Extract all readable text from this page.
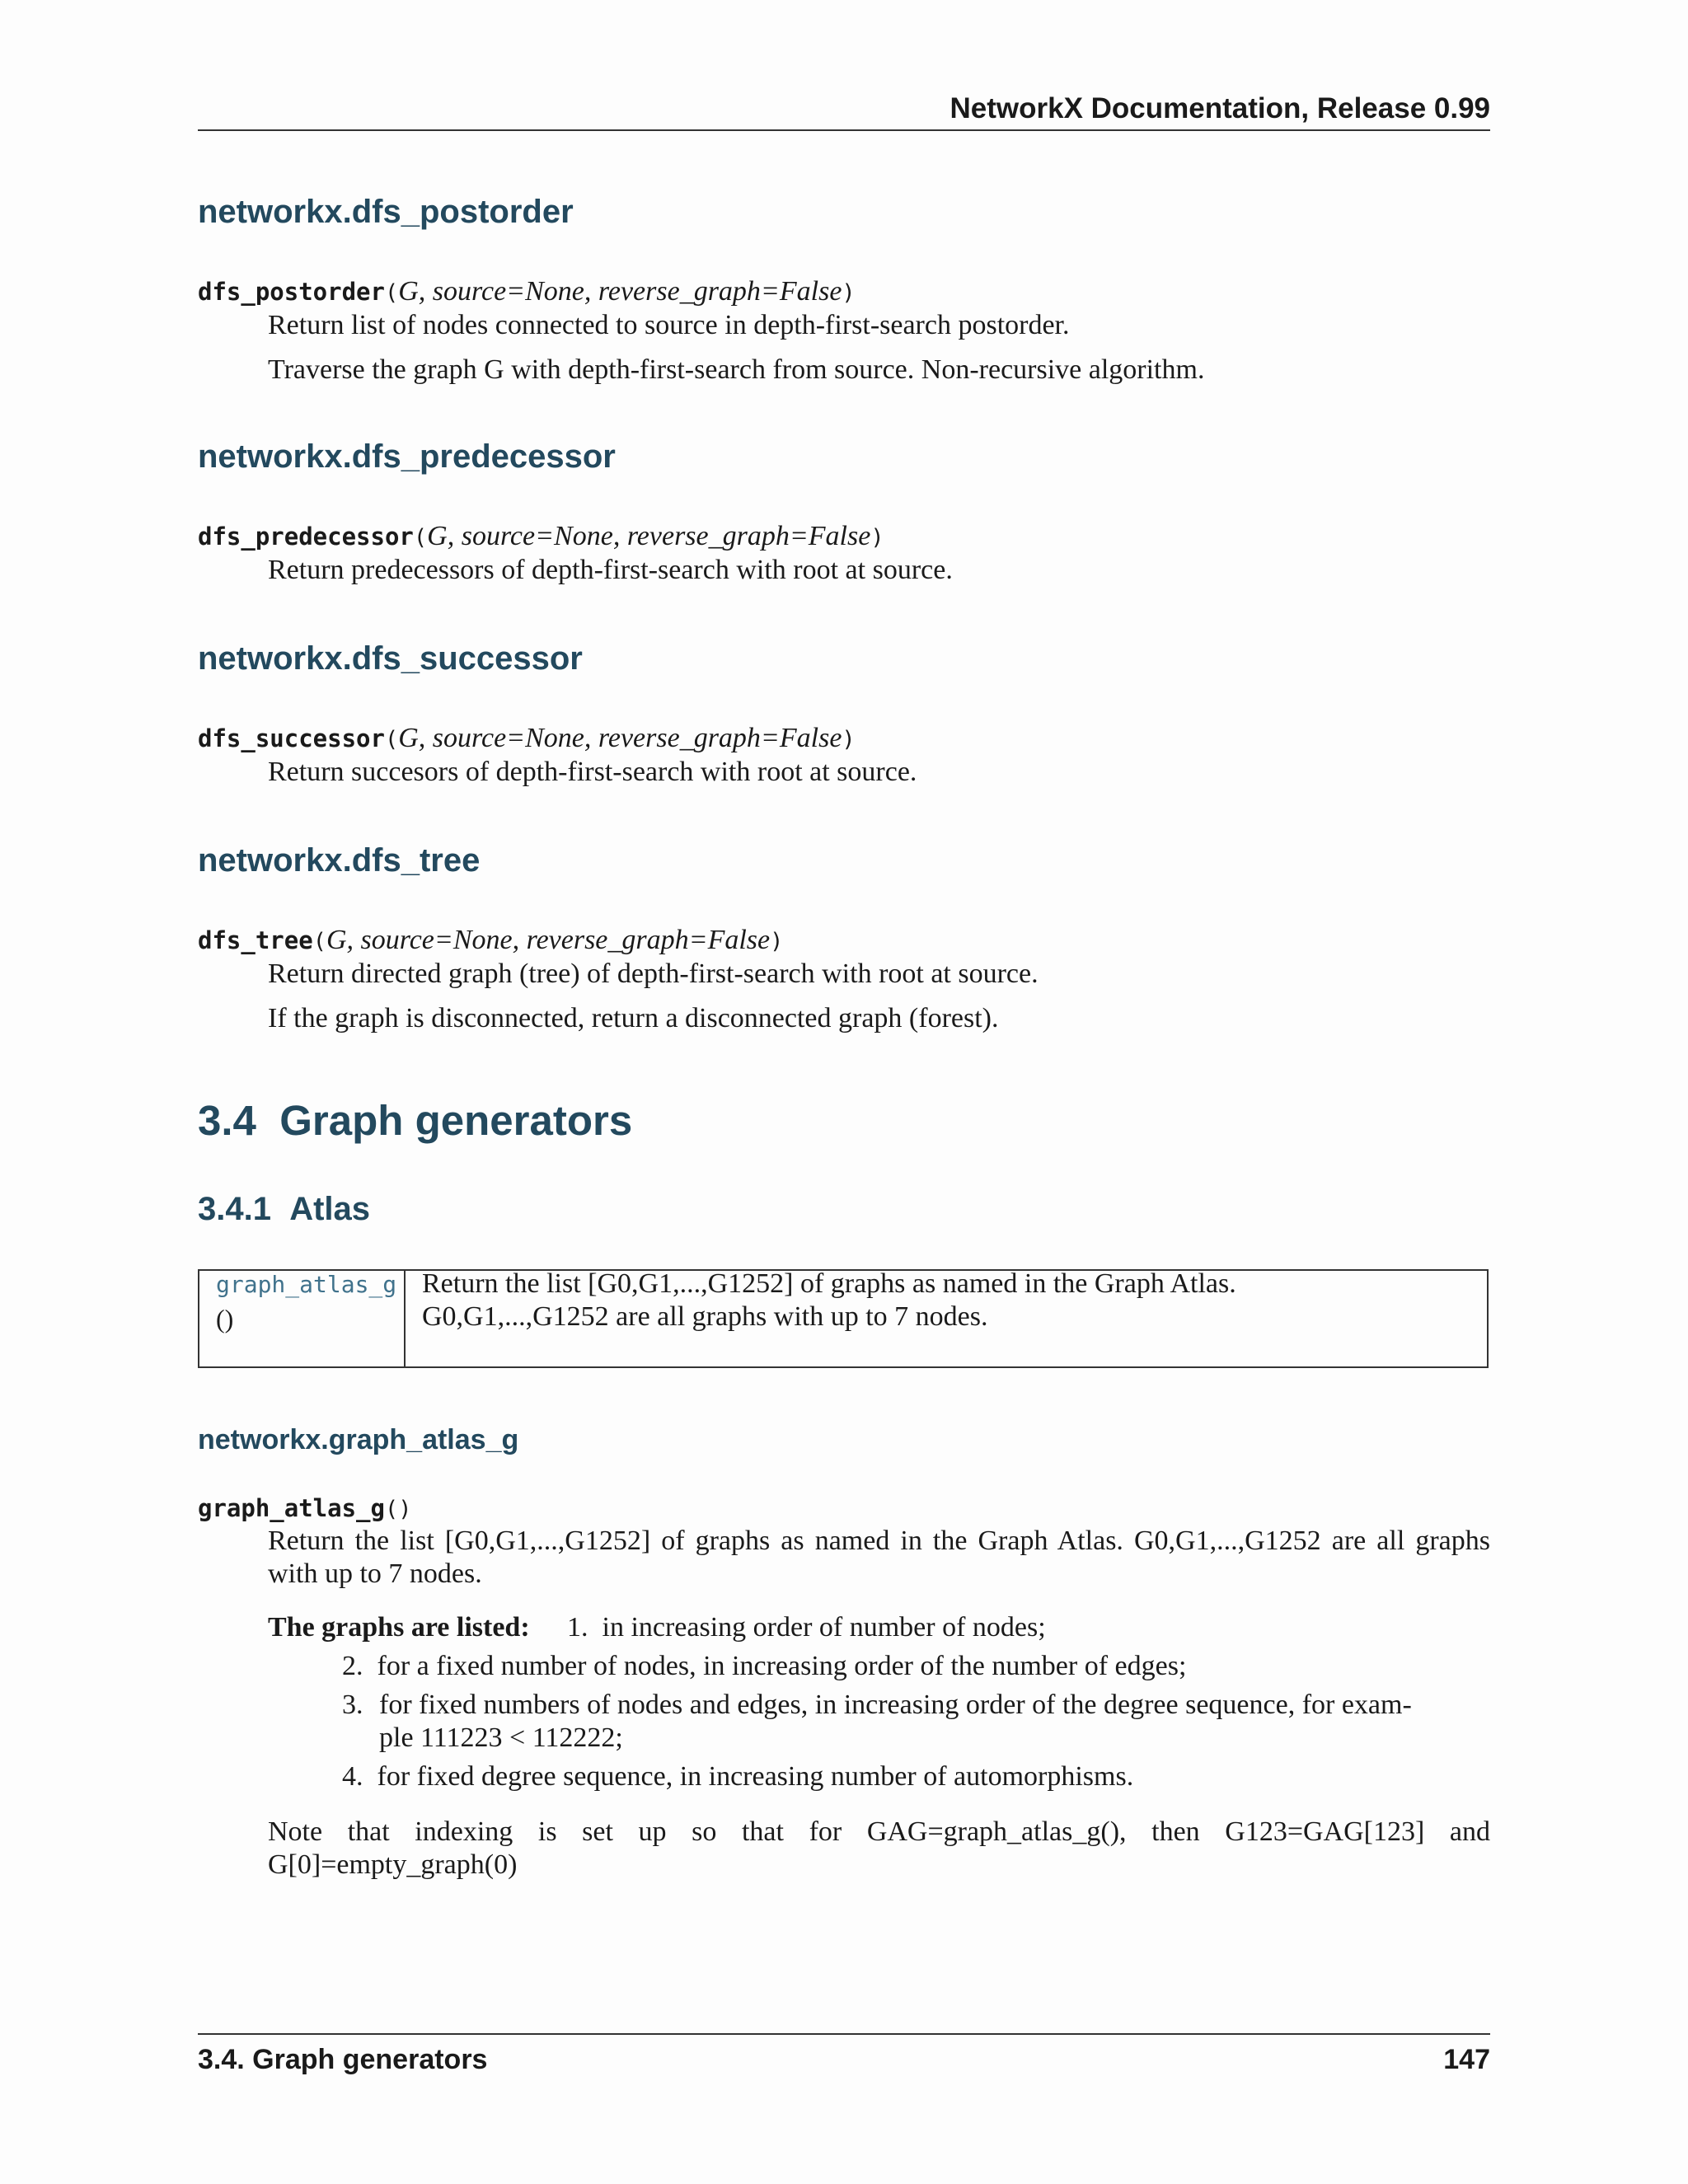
NetworkX Documentation, Release 0.99
networkx.dfs_postorder
dfs_postorder(G, source=None, reverse_graph=False)
Return list of nodes connected to source in depth-first-search postorder.
Traverse the graph G with depth-first-search from source. Non-recursive algorithm.
networkx.dfs_predecessor
dfs_predecessor(G, source=None, reverse_graph=False)
Return predecessors of depth-first-search with root at source.
networkx.dfs_successor
dfs_successor(G, source=None, reverse_graph=False)
Return succesors of depth-first-search with root at source.
networkx.dfs_tree
dfs_tree(G, source=None, reverse_graph=False)
Return directed graph (tree) of depth-first-search with root at source.
If the graph is disconnected, return a disconnected graph (forest).
3.4 Graph generators
3.4.1 Atlas
graph_atlas_g
()
Return the list [G0,G1,...,G1252] of graphs as named in the Graph Atlas.
G0,G1,...,G1252 are all graphs with up to 7 nodes.
networkx.graph_atlas_g
graph_atlas_g()
Return the list [G0,G1,...,G1252] of graphs as named in the Graph Atlas. G0,G1,...,G1252 are all graphs with up to 7 nodes.
The graphs are listed: 1. in increasing order of number of nodes;
2. for a fixed number of nodes, in increasing order of the number of edges;
3. for fixed numbers of nodes and edges, in increasing order of the degree sequence, for exam-
ple 111223 < 112222;
4. for fixed degree sequence, in increasing number of automorphisms.
Note that indexing is set up so that for GAG=graph_atlas_g(), then G123=GAG[123] and G[0]=empty_graph(0)
3.4. Graph generators	147
